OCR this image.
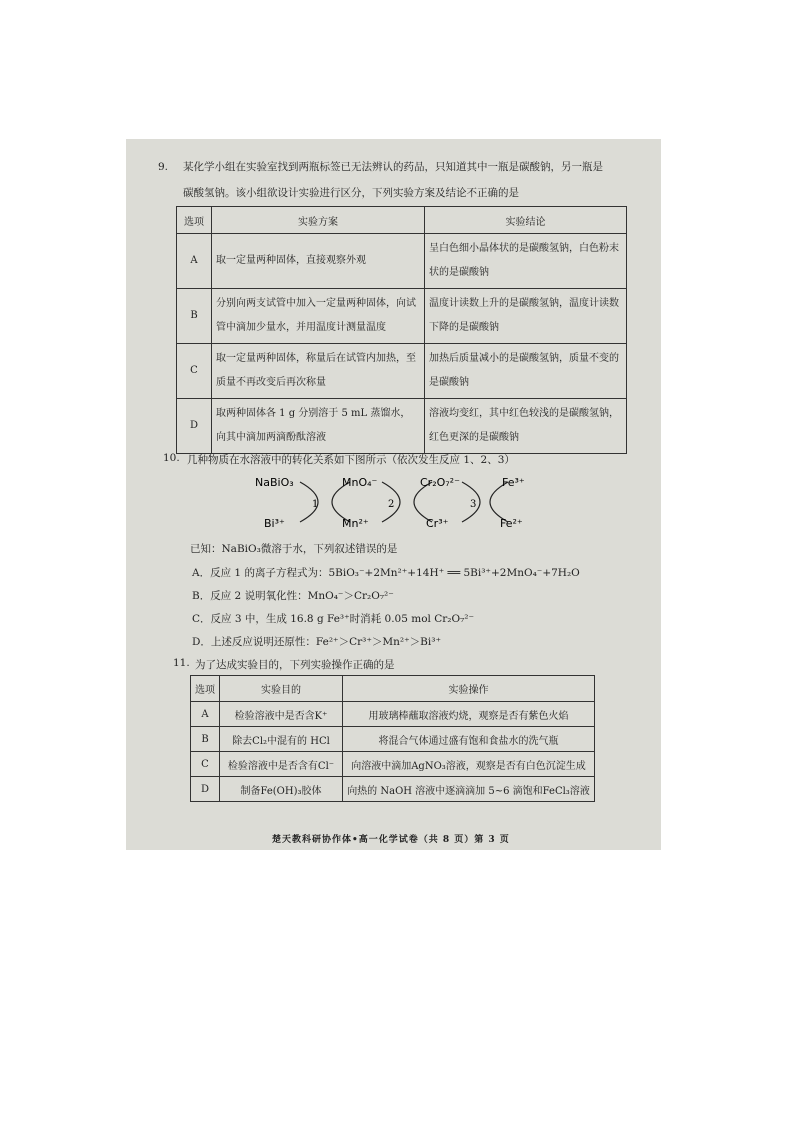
9. 某化学小组在实验室找到两瓶标签已无法辨认的药品，只知道其中一瓶是碳酸钠，另一瓶是
碳酸氢钠。该小组欲设计实验进行区分，下列实验方案及结论不正确的是
选项	实验方案	实验结论
A	取一定量两种固体，直接观察外观	呈白色细小晶体状的是碳酸氢钠，白色粉末状的是碳酸钠
B	分别向两支试管中加入一定量两种固体，向试管中滴加少量水，并用温度计测量温度	温度计读数上升的是碳酸氢钠，温度计读数下降的是碳酸钠
C	取一定量两种固体，称量后在试管内加热，至质量不再改变后再次称量	加热后质量减小的是碳酸氢钠，质量不变的是碳酸钠
D	取两种固体各 1 g 分别溶于 5 mL 蒸馏水，向其中滴加两滴酚酞溶液	溶液均变红，其中红色较浅的是碳酸氢钠，红色更深的是碳酸钠
10. 几种物质在水溶液中的转化关系如下图所示（依次发生反应 1、2、3）
NaBiO₃	MnO₄⁻	Cr₂O₇²⁻	Fe³⁺
Bi³⁺	Mn²⁺	Cr³⁺	Fe²⁺
1	2	3
已知：NaBiO₃微溶于水，下列叙述错误的是
A．反应 1 的离子方程式为：5BiO₃⁻+2Mn²⁺+14H⁺ ══ 5Bi³⁺+2MnO₄⁻+7H₂O
B．反应 2 说明氧化性：MnO₄⁻＞Cr₂O₇²⁻
C．反应 3 中，生成 16.8 g Fe³⁺时消耗 0.05 mol Cr₂O₇²⁻
D．上述反应说明还原性：Fe²⁺＞Cr³⁺＞Mn²⁺＞Bi³⁺
11. 为了达成实验目的，下列实验操作正确的是
选项	实验目的	实验操作
A	检验溶液中是否含K⁺	用玻璃棒蘸取溶液灼烧，观察是否有紫色火焰
B	除去Cl₂中混有的 HCl	将混合气体通过盛有饱和食盐水的洗气瓶
C	检验溶液中是否含有Cl⁻	向溶液中滴加AgNO₃溶液，观察是否有白色沉淀生成
D	制备Fe(OH)₃胶体	向热的 NaOH 溶液中逐滴滴加 5~6 滴饱和FeCl₃溶液
楚天教科研协作体•高一化学试卷（共 8 页）第 3 页
